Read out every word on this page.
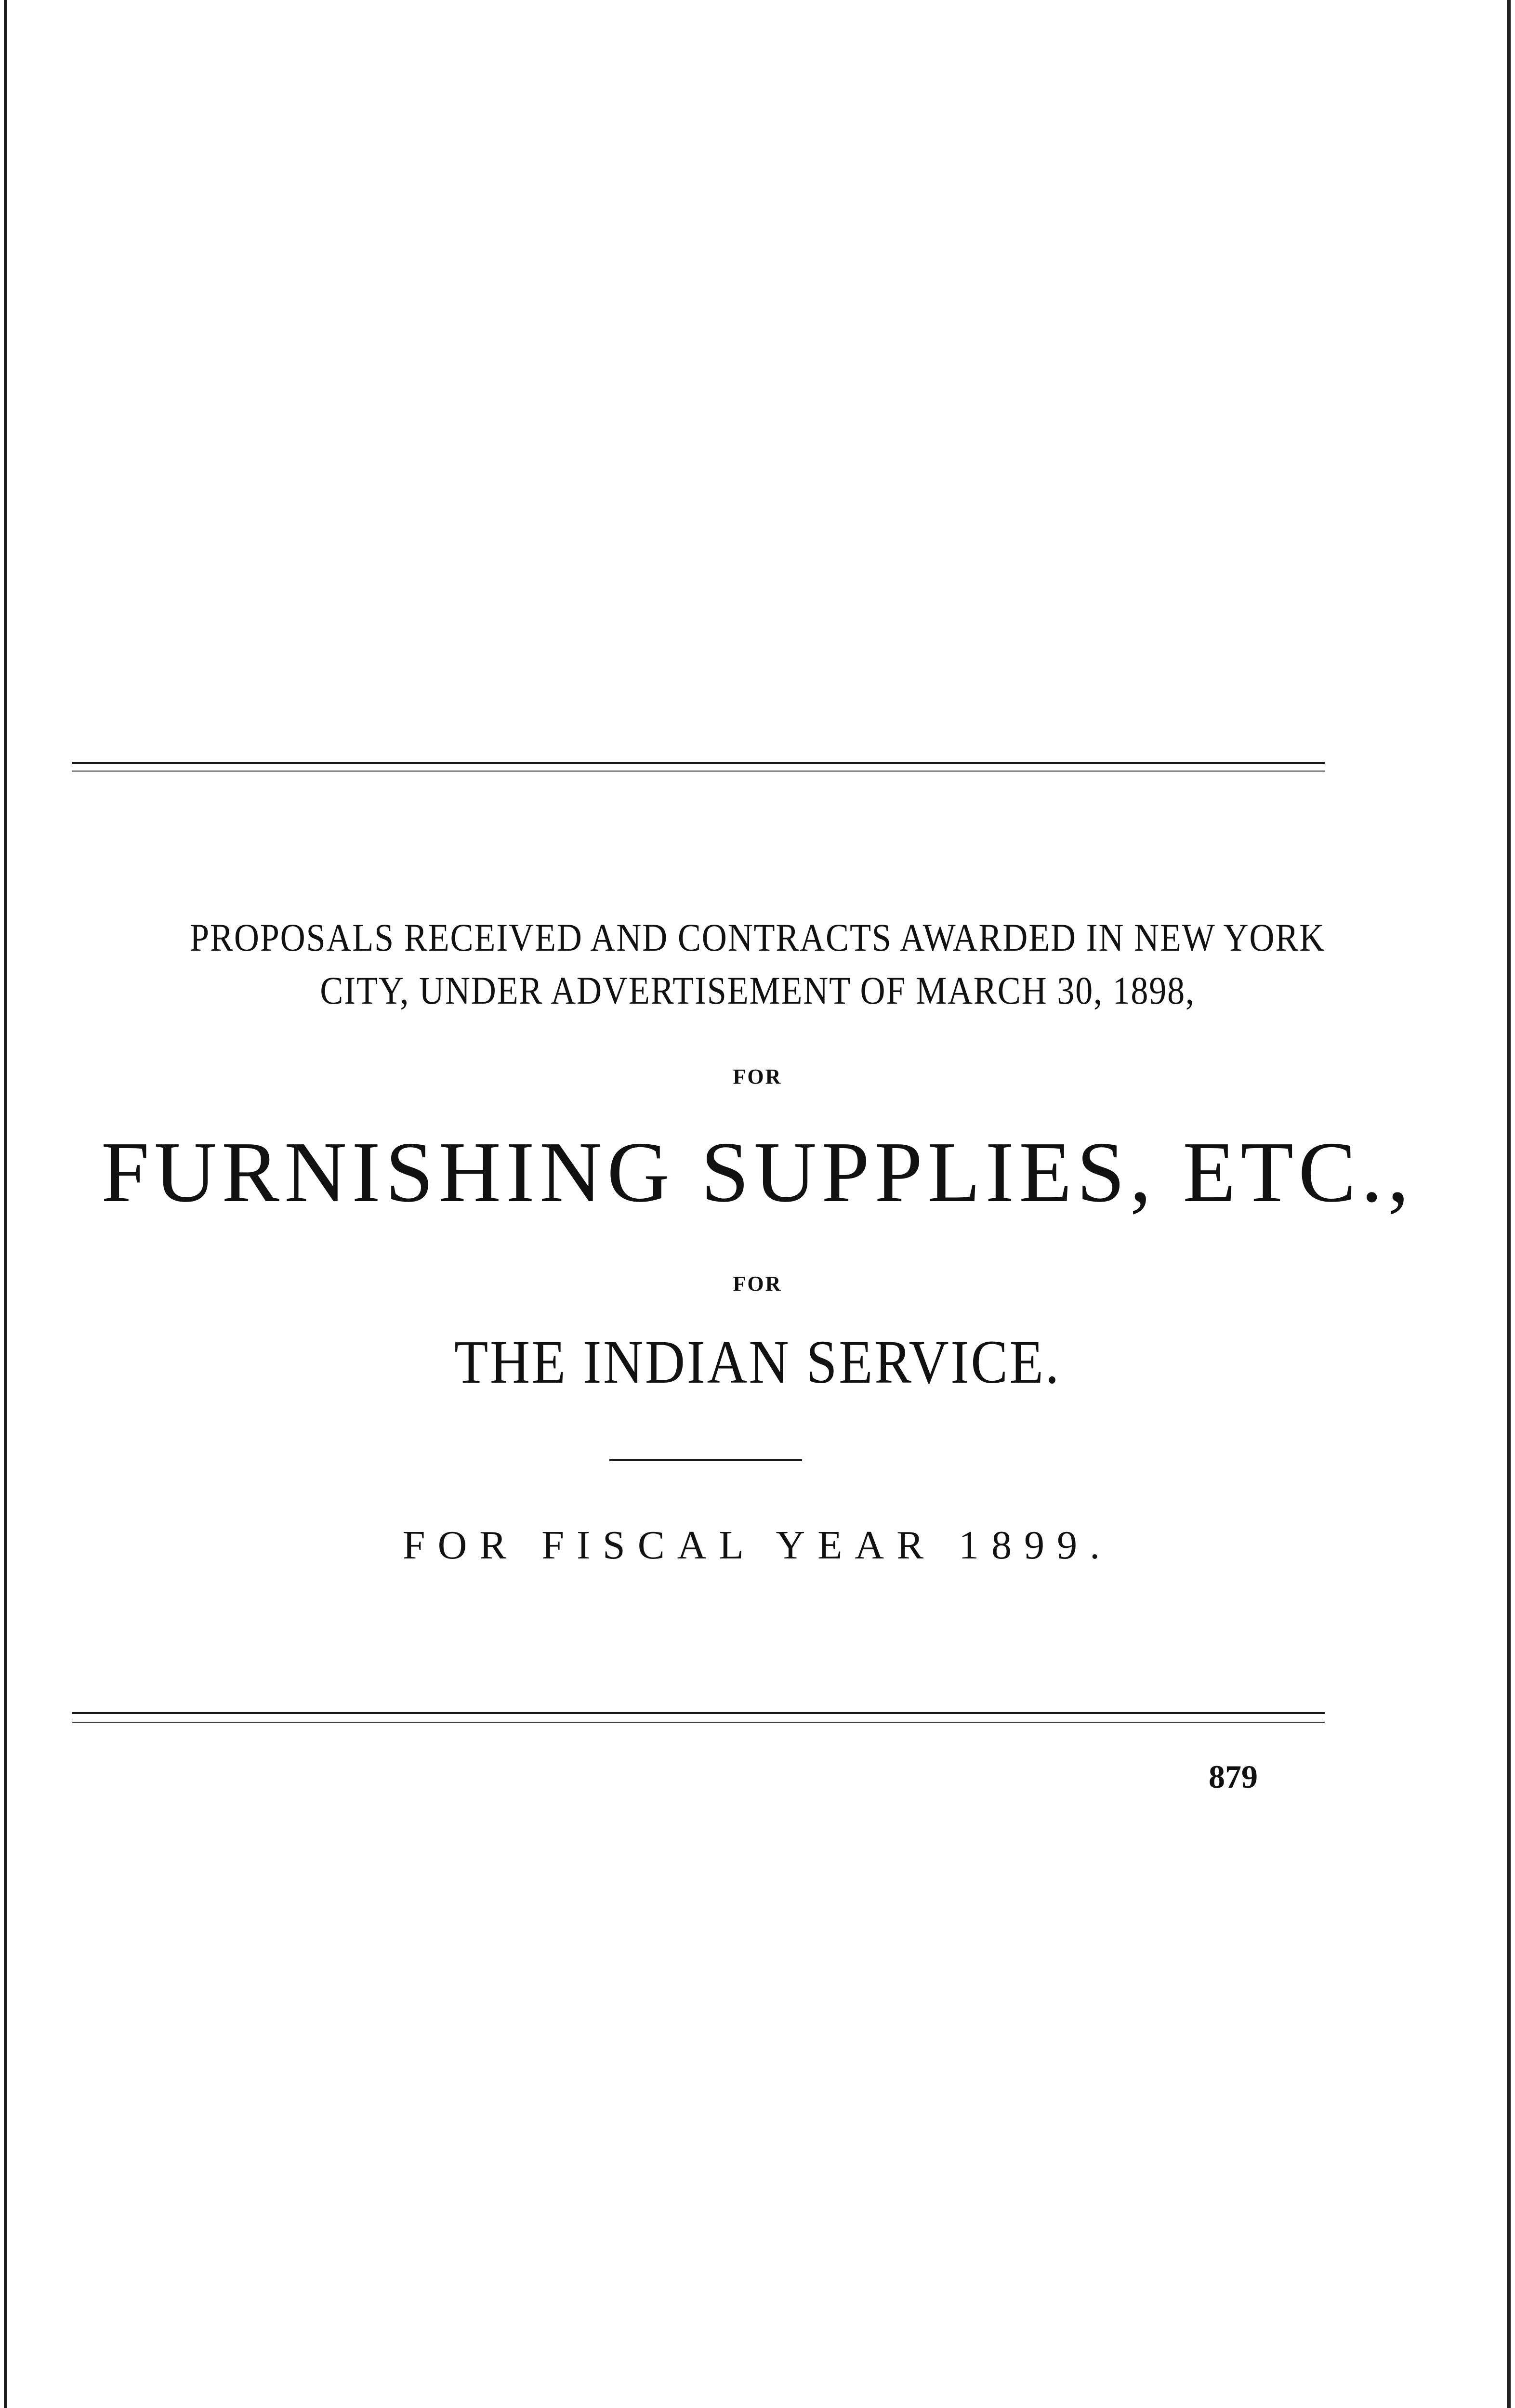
PROPOSALS RECEIVED AND CONTRACTS AWARDED IN NEW YORK
CITY, UNDER ADVERTISEMENT OF MARCH 30, 1898,
FOR
FURNISHING SUPPLIES, ETC.,
FOR
THE INDIAN SERVICE.
FOR FISCAL YEAR 1899.
879
